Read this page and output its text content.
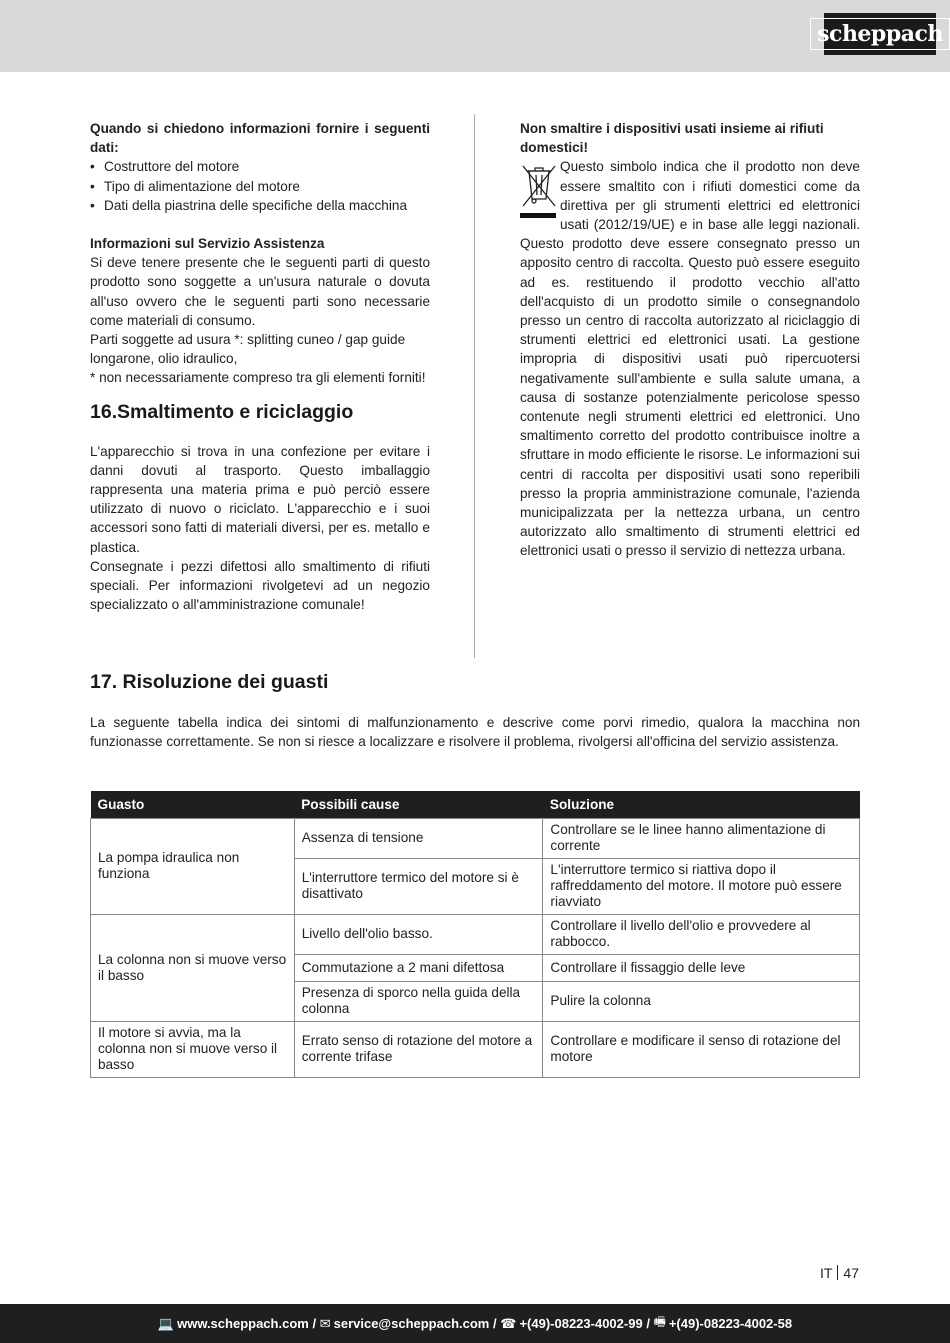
scheppach
Quando si chiedono informazioni fornire i seguenti dati:
• Costruttore del motore
• Tipo di alimentazione del motore
• Dati della piastrina delle specifiche della macchina
Informazioni sul Servizio Assistenza
Si deve tenere presente che le seguenti parti di questo prodotto sono soggette a un'usura naturale o dovuta all'uso ovvero che le seguenti parti sono necessarie come materiali di consumo.
Parti soggette ad usura *: splitting cuneo / gap guide longarone, olio idraulico,
* non necessariamente compreso tra gli elementi forniti!
16.Smaltimento e riciclaggio
L'apparecchio si trova in una confezione per evitare i danni dovuti al trasporto. Questo imballaggio rappresenta una materia prima e può perciò essere utilizzato di nuovo o riciclato. L'apparecchio e i suoi accessori sono fatti di materiali diversi, per es. metallo e plastica.
Consegnate i pezzi difettosi allo smaltimento di rifiuti speciali. Per informazioni rivolgetevi ad un negozio specializzato o all'amministrazione comunale!
Non smaltire i dispositivi usati insieme ai rifiuti domestici!
Questo simbolo indica che il prodotto non deve essere smaltito con i rifiuti domestici come da direttiva per gli strumenti elettrici ed elettronici usati (2012/19/UE) e in base alle leggi nazionali. Questo prodotto deve essere consegnato presso un apposito centro di raccolta. Questo può essere eseguito ad es. restituendo il prodotto vecchio all'atto dell'acquisto di un prodotto simile o consegnandolo presso un centro di raccolta autorizzato al riciclaggio di strumenti elettrici ed elettronici usati. La gestione impropria di dispositivi usati può ripercuotersi negativamente sull'ambiente e sulla salute umana, a causa di sostanze potenzialmente pericolose spesso contenute negli strumenti elettrici ed elettronici. Uno smaltimento corretto del prodotto contribuisce inoltre a sfruttare in modo efficiente le risorse. Le informazioni sui centri di raccolta per dispositivi usati sono reperibili presso la propria amministrazione comunale, l'azienda municipalizzata per la nettezza urbana, un centro autorizzato allo smaltimento di strumenti elettrici ed elettronici usati o presso il servizio di nettezza urbana.
17. Risoluzione dei guasti

La seguente tabella indica dei sintomi di malfunzionamento e descrive come porvi rimedio, qualora la macchina non funzionasse correttamente. Se non si riesce a localizzare e risolvere il problema, rivolgersi all'officina del servizio assistenza.

Guasto	Possibili cause	Soluzione
La pompa idraulica non funziona	Assenza di tensione	Controllare se le linee hanno alimentazione di corrente
	L'interruttore termico del motore si è disattivato	L'interruttore termico si riattiva dopo il raffreddamento del motore. Il motore può essere riavviato
La colonna non si muove verso il basso	Livello dell'olio basso.	Controllare il livello dell'olio e provvedere al rabbocco.
	Commutazione a 2 mani difettosa	Controllare il fissaggio delle leve
	Presenza di sporco nella guida della colonna	Pulire la colonna
Il motore si avvia, ma la colonna non si muove verso il basso	Errato senso di rotazione del motore a corrente trifase	Controllare e modificare il senso di rotazione del motore
IT 47
💻 www.scheppach.com
/
✉ service@scheppach.com
/
☎ +(49)-08223-4002-99
/
🖷 +(49)-08223-4002-58
